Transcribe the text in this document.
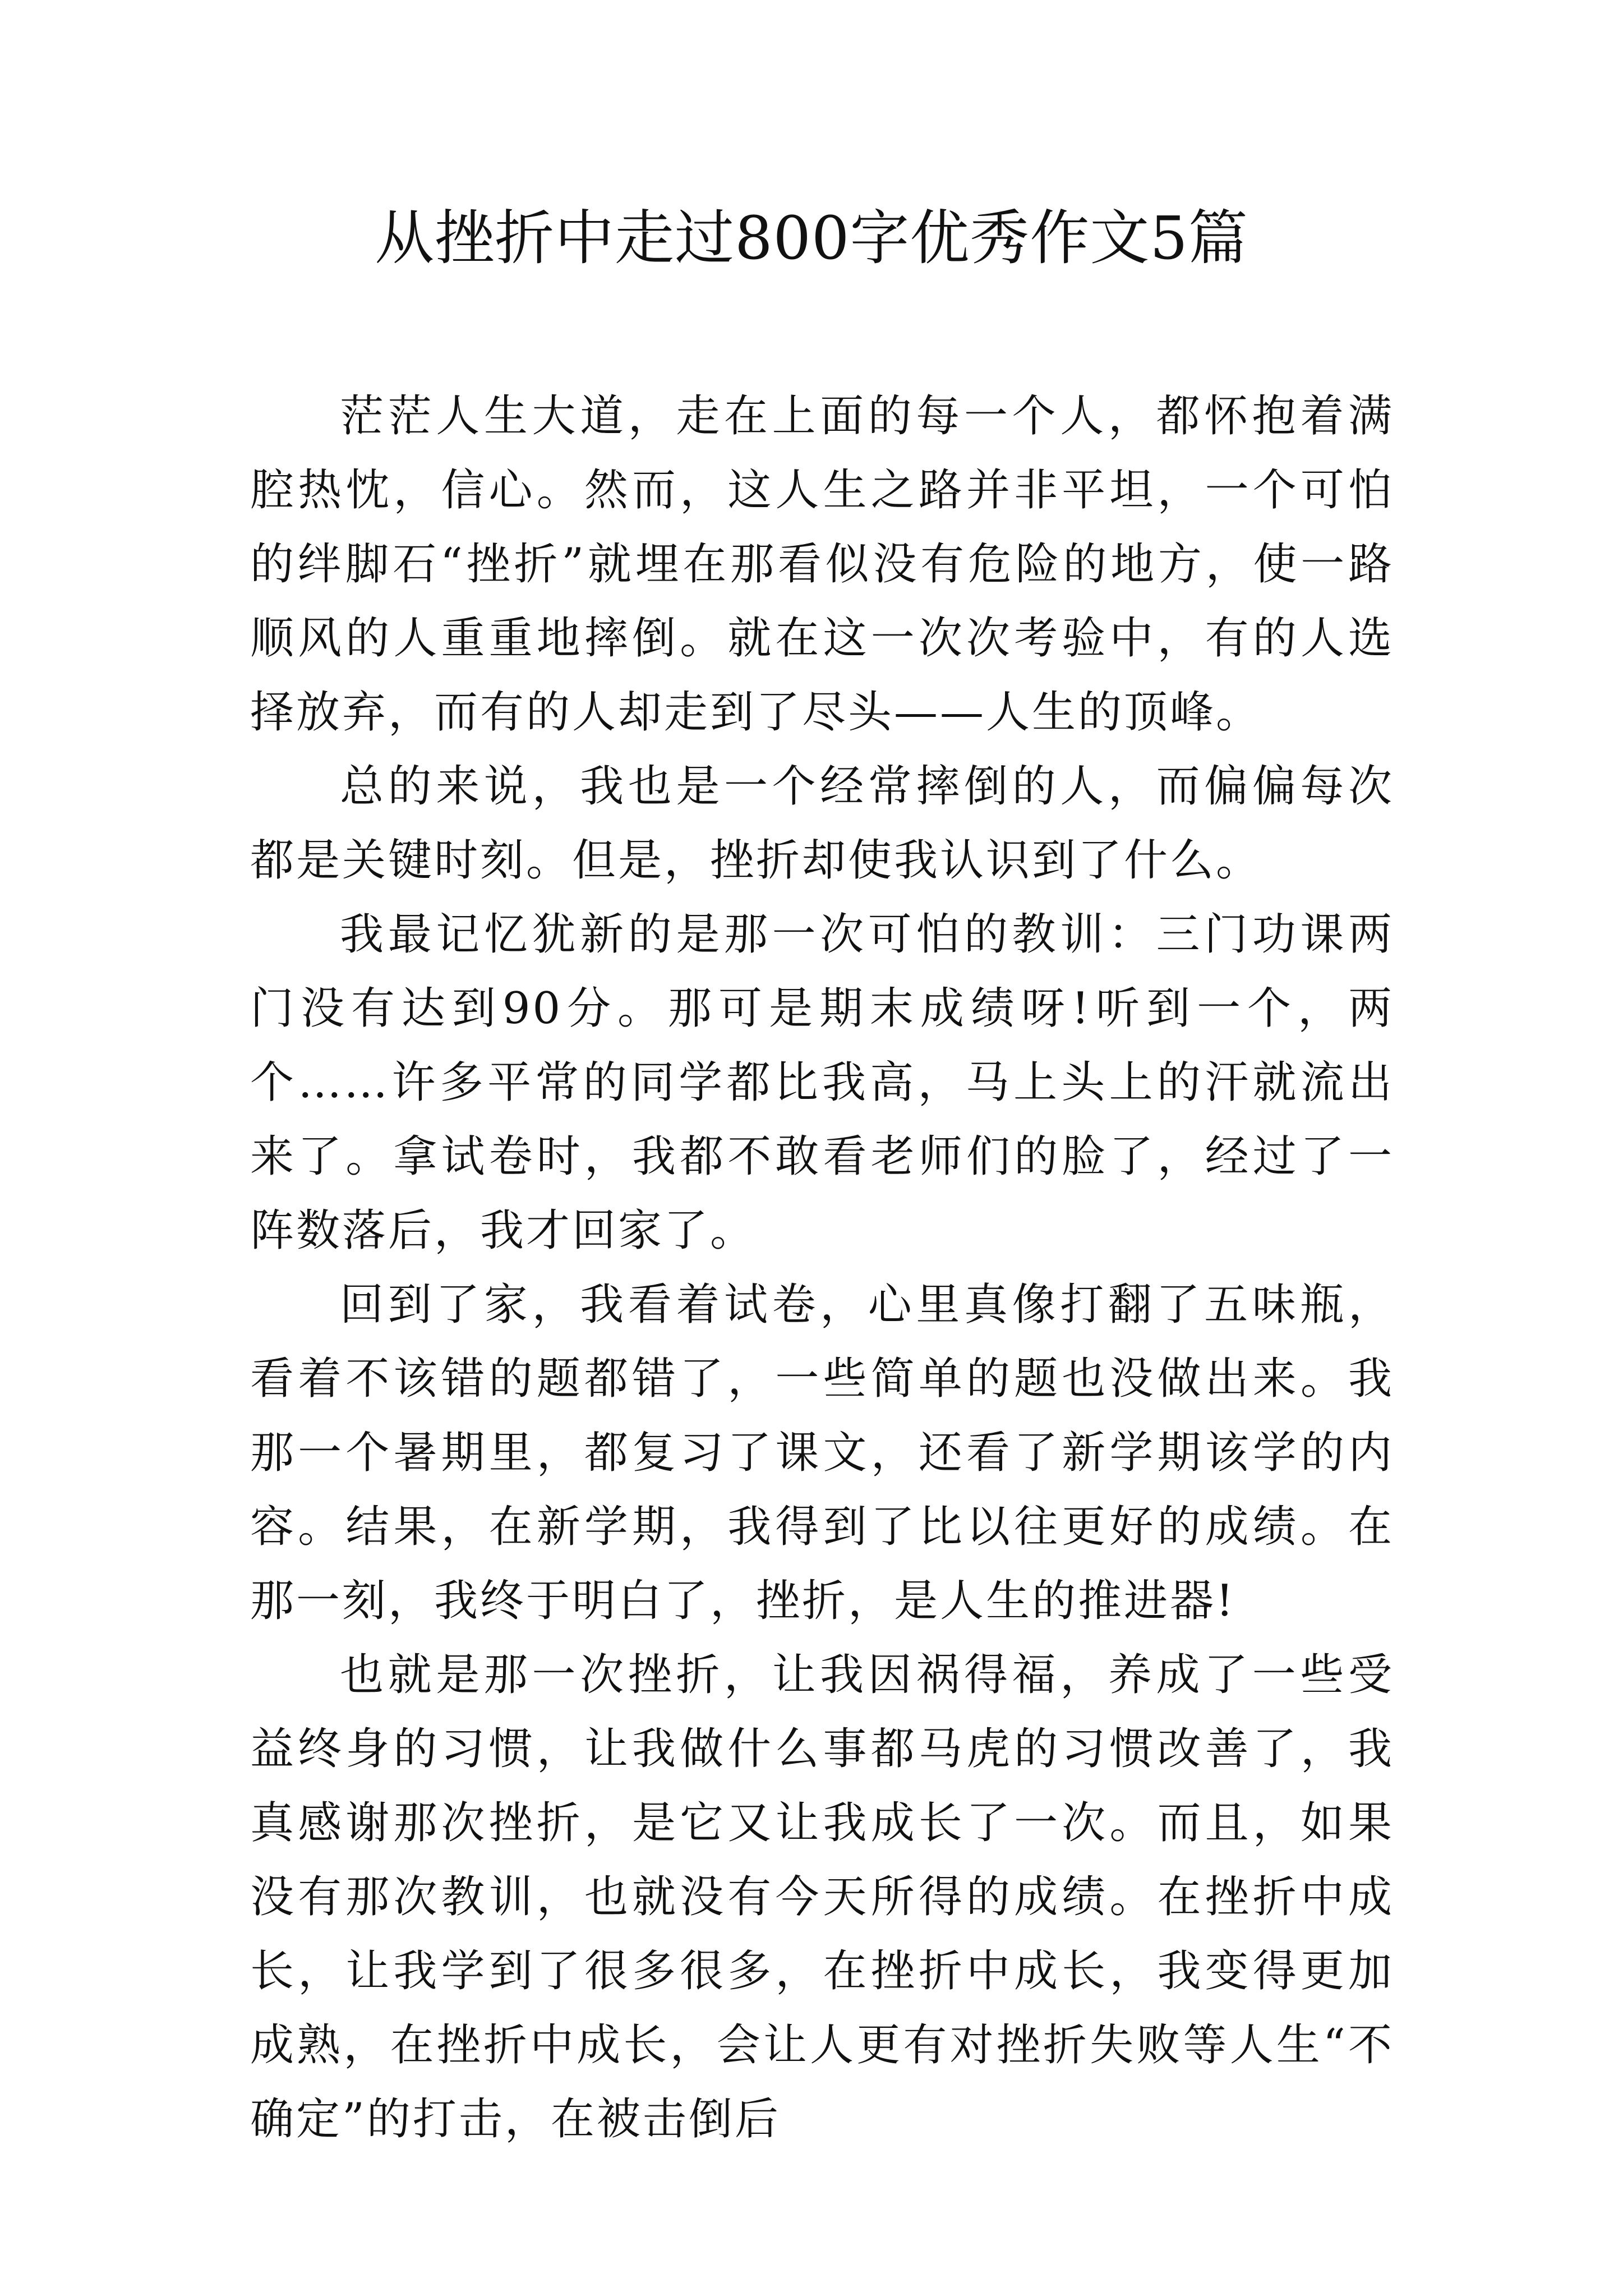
从挫折中走过800字优秀作文5篇

茫茫人生大道，走在上面的每一个人，都怀抱着满腔热忱，信心。然而，这人生之路并非平坦，一个可怕的绊脚石“挫折”就埋在那看似没有危险的地方，使一路顺风的人重重地摔倒。就在这一次次考验中，有的人选择放弃，而有的人却走到了尽头——人生的顶峰。

总的来说，我也是一个经常摔倒的人，而偏偏每次都是关键时刻。但是，挫折却使我认识到了什么。

我最记忆犹新的是那一次可怕的教训：三门功课两门没有达到90分。那可是期末成绩呀!听到一个，两个……许多平常的同学都比我高，马上头上的汗就流出来了。拿试卷时，我都不敢看老师们的脸了，经过了一阵数落后，我才回家了。

回到了家，我看着试卷，心里真像打翻了五味瓶，看着不该错的题都错了，一些简单的题也没做出来。我那一个暑期里，都复习了课文，还看了新学期该学的内容。结果，在新学期，我得到了比以往更好的成绩。在那一刻，我终于明白了，挫折，是人生的推进器!

也就是那一次挫折，让我因祸得福，养成了一些受益终身的习惯，让我做什么事都马虎的习惯改善了，我真感谢那次挫折，是它又让我成长了一次。而且，如果没有那次教训，也就没有今天所得的成绩。在挫折中成长，让我学到了很多很多，在挫折中成长，我变得更加成熟，在挫折中成长，会让人更有对挫折失败等人生“不确定”的打击，在被击倒后
